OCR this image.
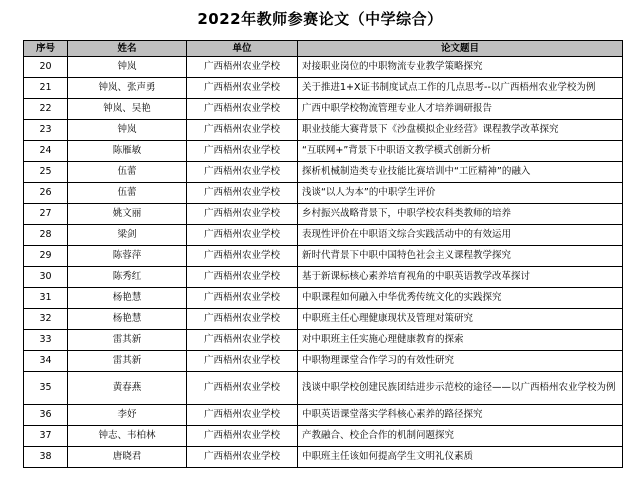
2022年教师参赛论文（中学综合）
序号	姓名	单位	论文题目
20	钟岚	广西梧州农业学校	对接职业岗位的中职物流专业教学策略探究
21	钟岚、张声勇	广西梧州农业学校	关于推进1+X证书制度试点工作的几点思考--以广西梧州农业学校为例
22	钟岚、吴艳	广西梧州农业学校	广西中职学校物流管理专业人才培养调研报告
23	钟岚	广西梧州农业学校	职业技能大赛背景下《沙盘模拟企业经营》课程教学改革探究
24	陈雁敏	广西梧州农业学校	“互联网+”背景下中职语文教学模式创新分析
25	伍蕾	广西梧州农业学校	探析机械制造类专业技能比赛培训中“工匠精神”的融入
26	伍蕾	广西梧州农业学校	浅谈“以人为本”的中职学生评价
27	姚文丽	广西梧州农业学校	乡村振兴战略背景下，中职学校农科类教师的培养
28	梁剑	广西梧州农业学校	表现性评价在中职语文综合实践活动中的有效运用
29	陈蓉萍	广西梧州农业学校	新时代背景下中职中国特色社会主义课程教学探究
30	陈秀红	广西梧州农业学校	基于新课标核心素养培育视角的中职英语教学改革探讨
31	杨艳慧	广西梧州农业学校	中职课程如何融入中华优秀传统文化的实践探究
32	杨艳慧	广西梧州农业学校	中职班主任心理健康现状及管理对策研究
33	雷其新	广西梧州农业学校	对中职班主任实施心理健康教育的探索
34	雷其新	广西梧州农业学校	中职物理课堂合作学习的有效性研究
35	黄春燕	广西梧州农业学校	浅谈中职学校创建民族团结进步示范校的途径——以广西梧州农业学校为例
36	李妤	广西梧州农业学校	中职英语课堂落实学科核心素养的路径探究
37	钟志、韦柏林	广西梧州农业学校	产教融合、校企合作的机制问题探究
38	唐晓君	广西梧州农业学校	中职班主任该如何提高学生文明礼仪素质
